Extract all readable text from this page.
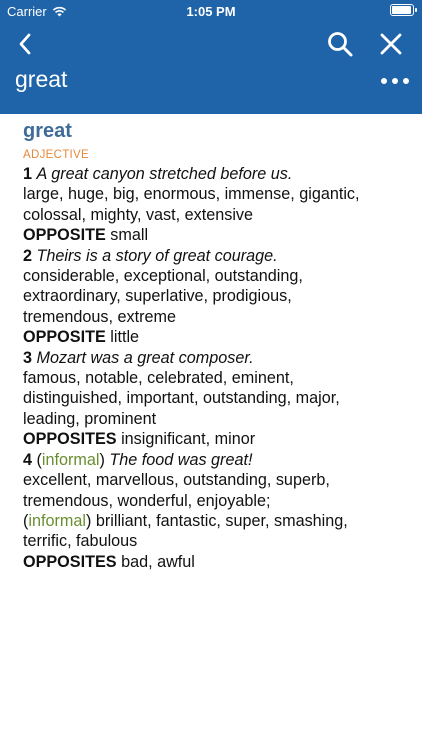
Carrier	1:05 PM
great
great
ADJECTIVE
1 A great canyon stretched before us.
large, huge, big, enormous, immense, gigantic,
colossal, mighty, vast, extensive
OPPOSITE small
2 Theirs is a story of great courage.
considerable, exceptional, outstanding,
extraordinary, superlative, prodigious,
tremendous, extreme
OPPOSITE little
3 Mozart was a great composer.
famous, notable, celebrated, eminent,
distinguished, important, outstanding, major,
leading, prominent
OPPOSITES insignificant, minor
4 (informal) The food was great!
excellent, marvellous, outstanding, superb,
tremendous, wonderful, enjoyable;
(informal) brilliant, fantastic, super, smashing,
terrific, fabulous
OPPOSITES bad, awful
